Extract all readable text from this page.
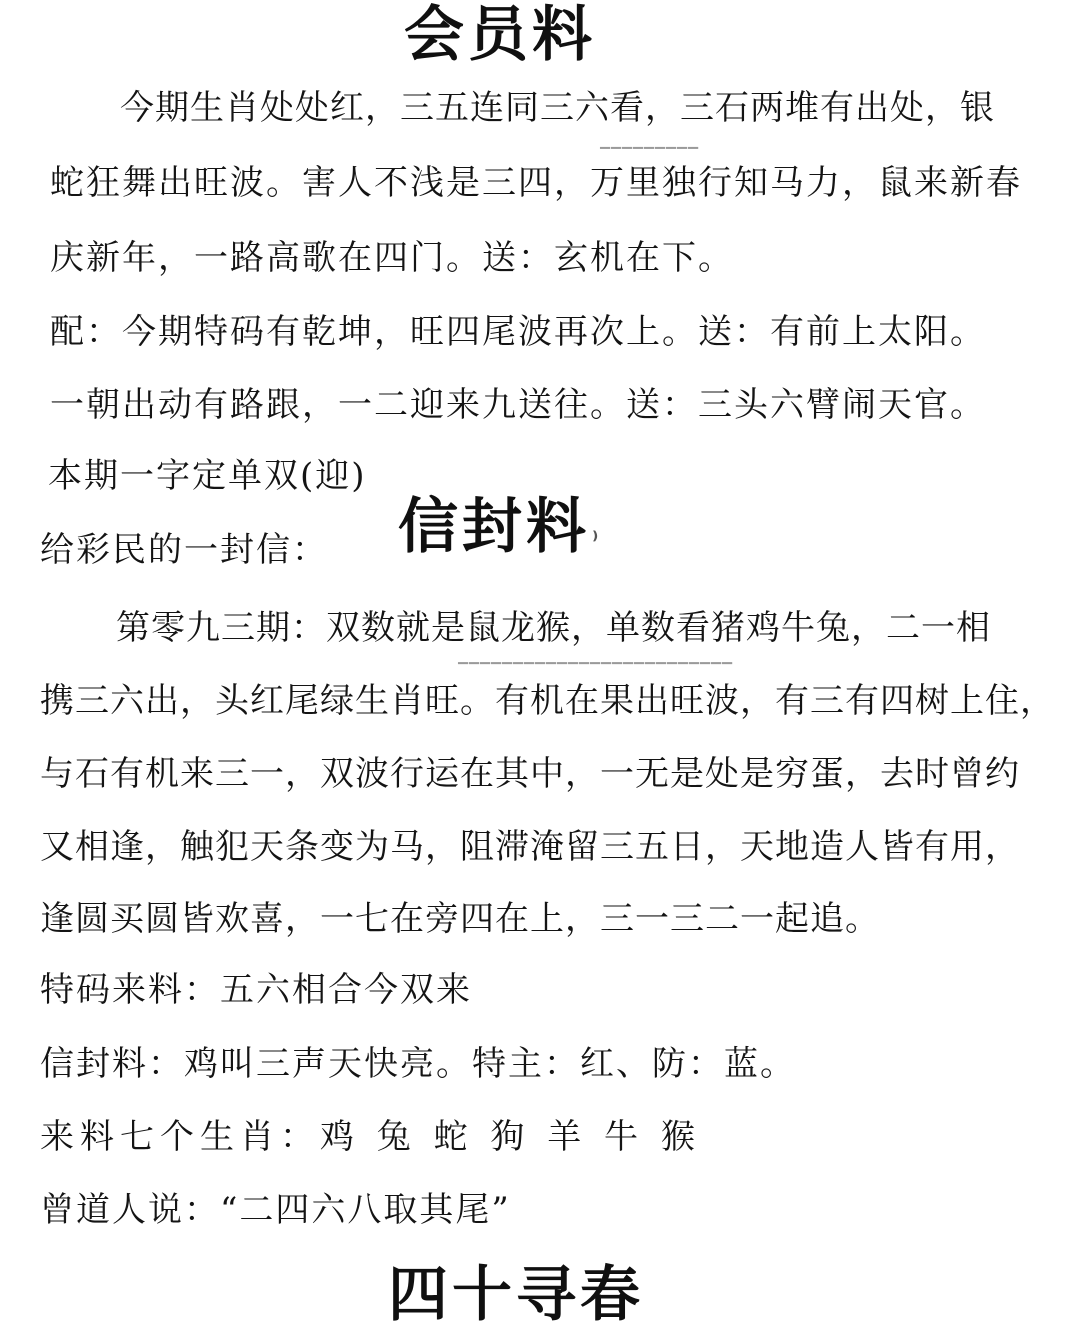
会员料

今期生肖处处红，三五连同三六看，三石两堆有出处，银

蛇狂舞出旺波。害人不浅是三四，万里独行知马力，鼠来新春

▔▔▔▔▔▔▔▔▔

庆新年，一路高歌在四门。送：玄机在下。

配：今期特码有乾坤，旺四尾波再次上。送：有前上太阳。

一朝出动有路跟，一二迎来九送往。送：三头六臂闹天官。

本期一字定单双(迎)

信封料⁾

给彩民的一封信：

第零九三期：双数就是鼠龙猴，单数看猪鸡牛兔，二一相

▁▁▁▁▁▁▁▁▁▁▁▁▁▁▁▁▁▁▁▁▁▁▁▁▁

携三六出，头红尾绿生肖旺。有机在果出旺波，有三有四树上住，

与石有机来三一，双波行运在其中，一无是处是穷蛋，去时曾约

又相逢，触犯天条变为马，阻滞淹留三五日，天地造人皆有用，

逢圆买圆皆欢喜，一七在旁四在上，三一三二一起追。

特码来料：五六相合今双来

信封料：鸡叫三声天快亮。特主：红、防：蓝。

来料七个生肖：鸡 兔 蛇 狗 羊 牛 猴

曾道人说：“二四六八取其尾”

四十寻春
